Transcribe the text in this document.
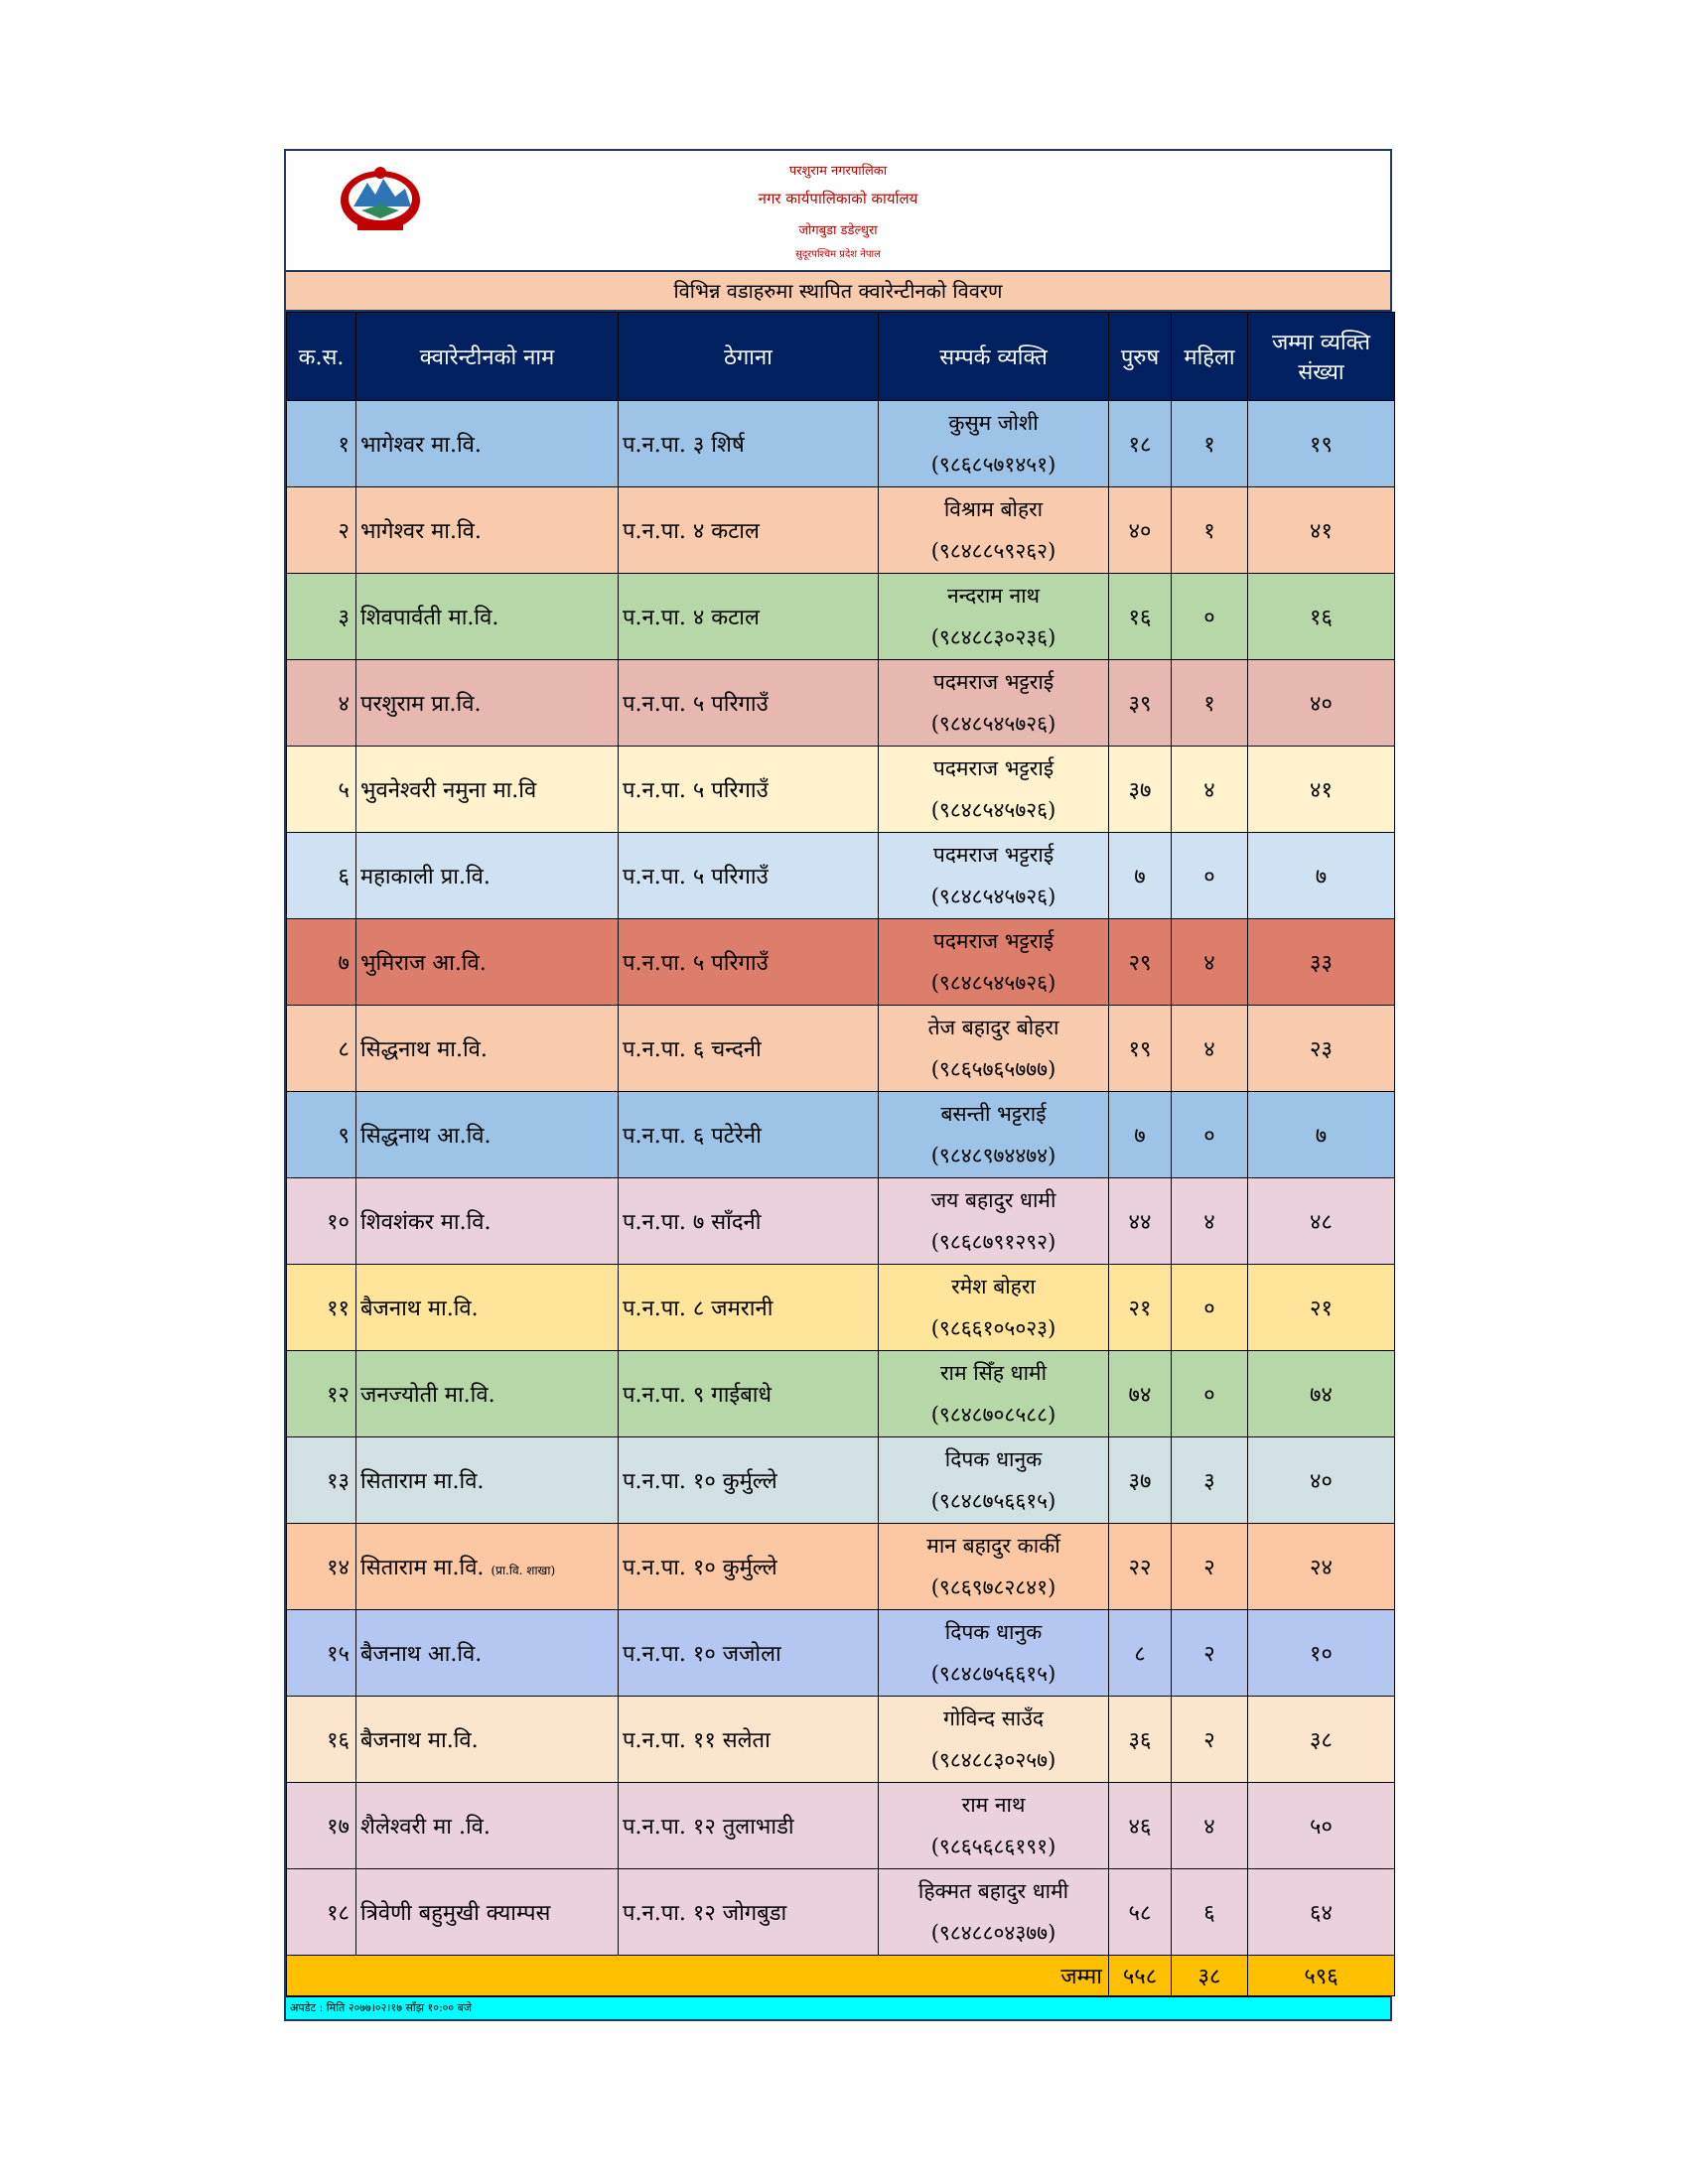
परशुराम नगरपालिका
नगर कार्यपालिकाको कार्यालय
जोगबुडा डडेल्धुरा
सुदूरपश्चिम प्रदेश नेपाल
विभिन्न वडाहरुमा स्थापित क्वारेन्टीनको विवरण
क.स.	क्वारेन्टीनको नाम	ठेगाना	सम्पर्क व्यक्ति	पुरुष	महिला	जम्मा व्यक्ति
संख्या

१	भागेश्वर मा.वि.	प.न.पा. ३ शिर्ष	कुसुम जोशी
(९८६८५७१४५१)	१८	१	१९
२	भागेश्वर मा.वि.	प.न.पा. ४ कटाल	विश्राम बोहरा
(९८४८८५९२६२)	४०	१	४१
३	शिवपार्वती मा.वि.	प.न.पा. ४ कटाल	नन्दराम नाथ
(९८४८८३०२३६)	१६	०	१६
४	परशुराम प्रा.वि.	प.न.पा. ५ परिगाउँ	पदमराज भट्टराई
(९८४८५४५७२६)	३९	१	४०
५	भुवनेश्वरी नमुना मा.वि	प.न.पा. ५ परिगाउँ	पदमराज भट्टराई
(९८४८५४५७२६)	३७	४	४१
६	महाकाली प्रा.वि.	प.न.पा. ५ परिगाउँ	पदमराज भट्टराई
(९८४८५४५७२६)	७	०	७
७	भुमिराज आ.वि.	प.न.पा. ५ परिगाउँ	पदमराज भट्टराई
(९८४८५४५७२६)	२९	४	३३
८	सिद्धनाथ मा.वि.	प.न.पा. ६ चन्दनी	तेज बहादुर बोहरा
(९८६५७६५७७७)	१९	४	२३
९	सिद्धनाथ आ.वि.	प.न.पा. ६ पटेरेनी	बसन्ती भट्टराई
(९८४८९७४४७४)	७	०	७
१०	शिवशंकर मा.वि.	प.न.पा. ७ साँदनी	जय बहादुर धामी
(९८६८७९१२९२)	४४	४	४८
११	बैजनाथ मा.वि.	प.न.पा. ८ जमरानी	रमेश बोहरा
(९८६६१०५०२३)	२१	०	२१
१२	जनज्योती मा.वि.	प.न.पा. ९ गाईबाधे	राम सिँह धामी
(९८४८७०८५८८)	७४	०	७४
१३	सिताराम मा.वि.	प.न.पा. १० कुर्मुल्ले	दिपक धानुक
(९८४८७५६६१५)	३७	३	४०
१४	सिताराम मा.वि. (प्रा.वि. शाखा)	प.न.पा. १० कुर्मुल्ले	मान बहादुर कार्की
(९८६९७८२८४१)	२२	२	२४
१५	बैजनाथ आ.वि.	प.न.पा. १० जजोला	दिपक धानुक
(९८४८७५६६१५)	८	२	१०
१६	बैजनाथ मा.वि.	प.न.पा. ११ सलेता	गोविन्द साउँद
(९८४८८३०२५७)	३६	२	३८
१७	शैलेश्वरी मा .वि.	प.न.पा. १२ तुलाभाडी	राम नाथ
(९८६५६८६१९१)	४६	४	५०
१८	त्रिवेणी बहुमुखी क्याम्पस	प.न.पा. १२ जोगबुडा	हिक्मत बहादुर धामी
(९८४८८०४३७७)	५८	६	६४
जम्मा				५५८	३८	५९६
अपडेट : मिति २०७७।०२।१७ साँझ १०:०० बजे
